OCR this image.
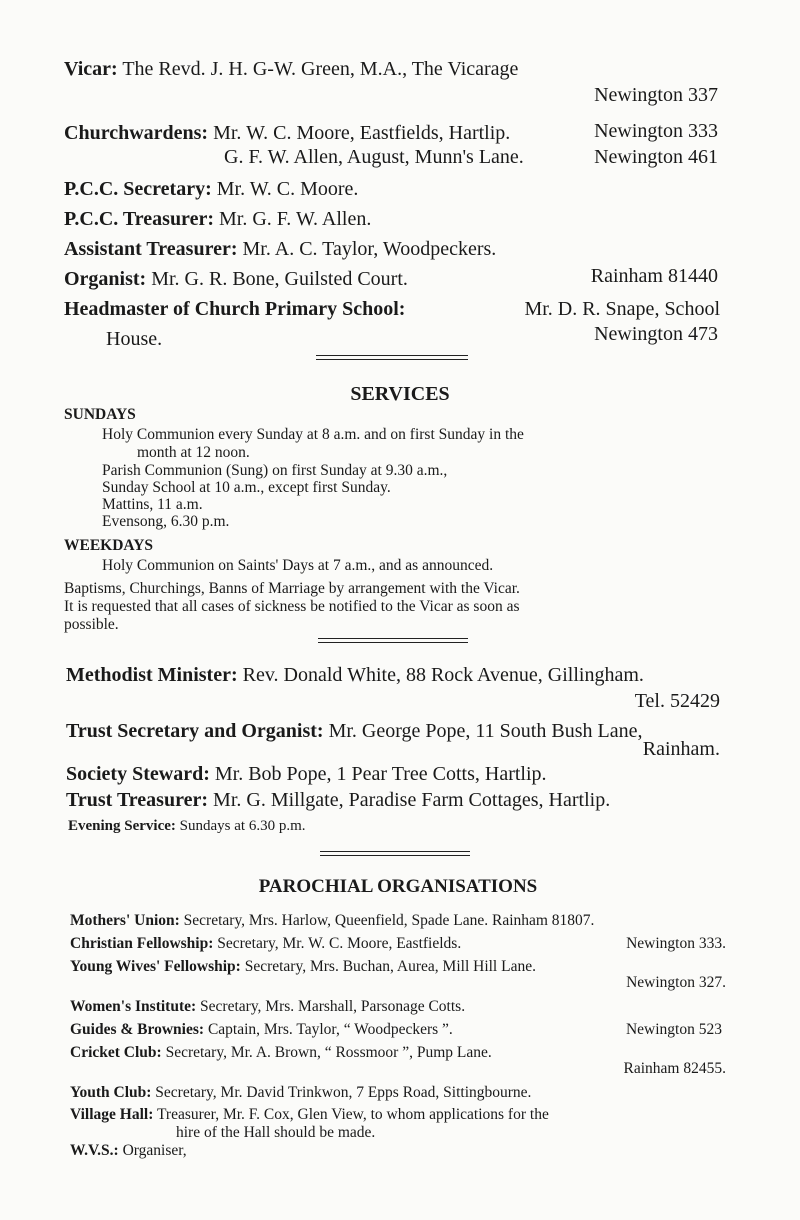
Vicar: The Revd. J. H. G-W. Green, M.A., The Vicarage
Newington 337
Churchwardens: Mr. W. C. Moore, Eastfields, Hartlip.	Newington 333
G. F. W. Allen, August, Munn's Lane.	Newington 461
P.C.C. Secretary: Mr. W. C. Moore.
P.C.C. Treasurer: Mr. G. F. W. Allen.
Assistant Treasurer: Mr. A. C. Taylor, Woodpeckers.
Organist: Mr. G. R. Bone, Guilsted Court.	Rainham 81440
Headmaster of Church Primary School:	Mr. D. R. Snape, School
House.	Newington 473
SERVICES
SUNDAYS
Holy Communion every Sunday at 8 a.m. and on first Sunday in the
month at 12 noon.
Parish Communion (Sung) on first Sunday at 9.30 a.m.,
Sunday School at 10 a.m., except first Sunday.
Mattins, 11 a.m.
Evensong, 6.30 p.m.
WEEKDAYS
Holy Communion on Saints' Days at 7 a.m., and as announced.
Baptisms, Churchings, Banns of Marriage by arrangement with the Vicar.
It is requested that all cases of sickness be notified to the Vicar as soon as
possible.
Methodist Minister: Rev. Donald White, 88 Rock Avenue, Gillingham.
Tel. 52429
Trust Secretary and Organist: Mr. George Pope, 11 South Bush Lane,
Rainham.
Society Steward: Mr. Bob Pope, 1 Pear Tree Cotts, Hartlip.
Trust Treasurer: Mr. G. Millgate, Paradise Farm Cottages, Hartlip.
Evening Service: Sundays at 6.30 p.m.
PAROCHIAL ORGANISATIONS
Mothers' Union: Secretary, Mrs. Harlow, Queenfield, Spade Lane. Rainham 81807.
Christian Fellowship: Secretary, Mr. W. C. Moore, Eastfields.	Newington 333.
Young Wives' Fellowship: Secretary, Mrs. Buchan, Aurea, Mill Hill Lane.
Newington 327.
Women's Institute: Secretary, Mrs. Marshall, Parsonage Cotts.
Guides & Brownies: Captain, Mrs. Taylor, “ Woodpeckers ”.	Newington 523
Cricket Club: Secretary, Mr. A. Brown, “ Rossmoor ”, Pump Lane.
Rainham 82455.
Youth Club: Secretary, Mr. David Trinkwon, 7 Epps Road, Sittingbourne.
Village Hall: Treasurer, Mr. F. Cox, Glen View, to whom applications for the
hire of the Hall should be made.
W.V.S.: Organiser,
